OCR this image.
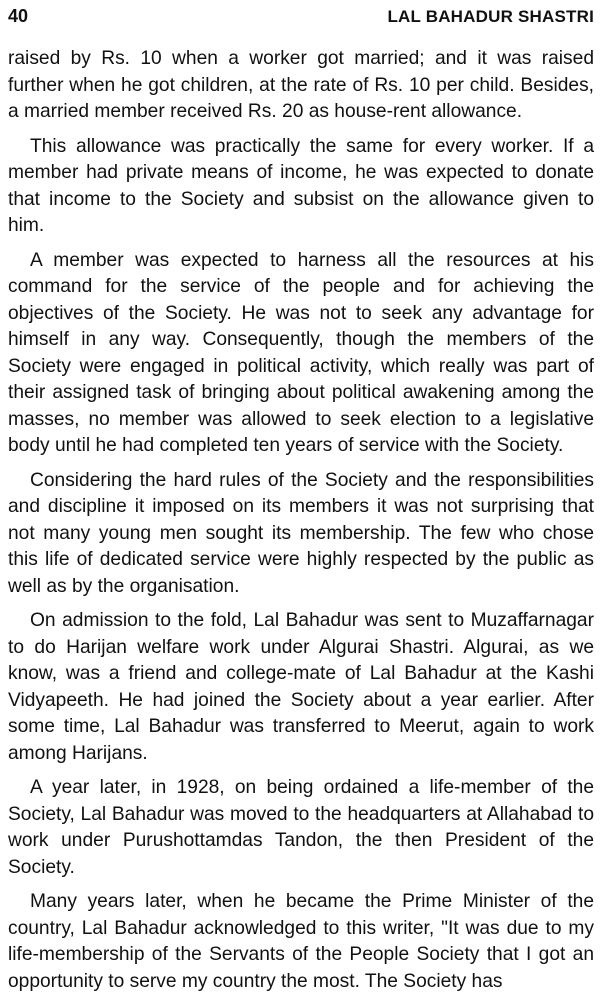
40	LAL BAHADUR SHASTRI

raised by Rs. 10 when a worker got married; and it was raised further when he got children, at the rate of Rs. 10 per child. Besides, a married member received Rs. 20 as house-rent allowance.

This allowance was practically the same for every worker. If a member had private means of income, he was expected to donate that income to the Society and subsist on the allowance given to him.

A member was expected to harness all the resources at his command for the service of the people and for achieving the objectives of the Society. He was not to seek any advantage for himself in any way. Consequently, though the members of the Society were engaged in political activity, which really was part of their assigned task of bringing about political awakening among the masses, no member was allowed to seek election to a legislative body until he had completed ten years of service with the Society.

Considering the hard rules of the Society and the responsibilities and discipline it imposed on its members it was not surprising that not many young men sought its membership. The few who chose this life of dedicated service were highly respected by the public as well as by the organisation.

On admission to the fold, Lal Bahadur was sent to Muzaffarnagar to do Harijan welfare work under Algurai Shastri. Algurai, as we know, was a friend and college-mate of Lal Bahadur at the Kashi Vidyapeeth. He had joined the Society about a year earlier. After some time, Lal Bahadur was transferred to Meerut, again to work among Harijans.

A year later, in 1928, on being ordained a life-member of the Society, Lal Bahadur was moved to the headquarters at Allahabad to work under Purushottamdas Tandon, the then President of the Society.

Many years later, when he became the Prime Minister of the country, Lal Bahadur acknowledged to this writer, "It was due to my life-membership of the Servants of the People Society that I got an opportunity to serve my country the most. The Society has
